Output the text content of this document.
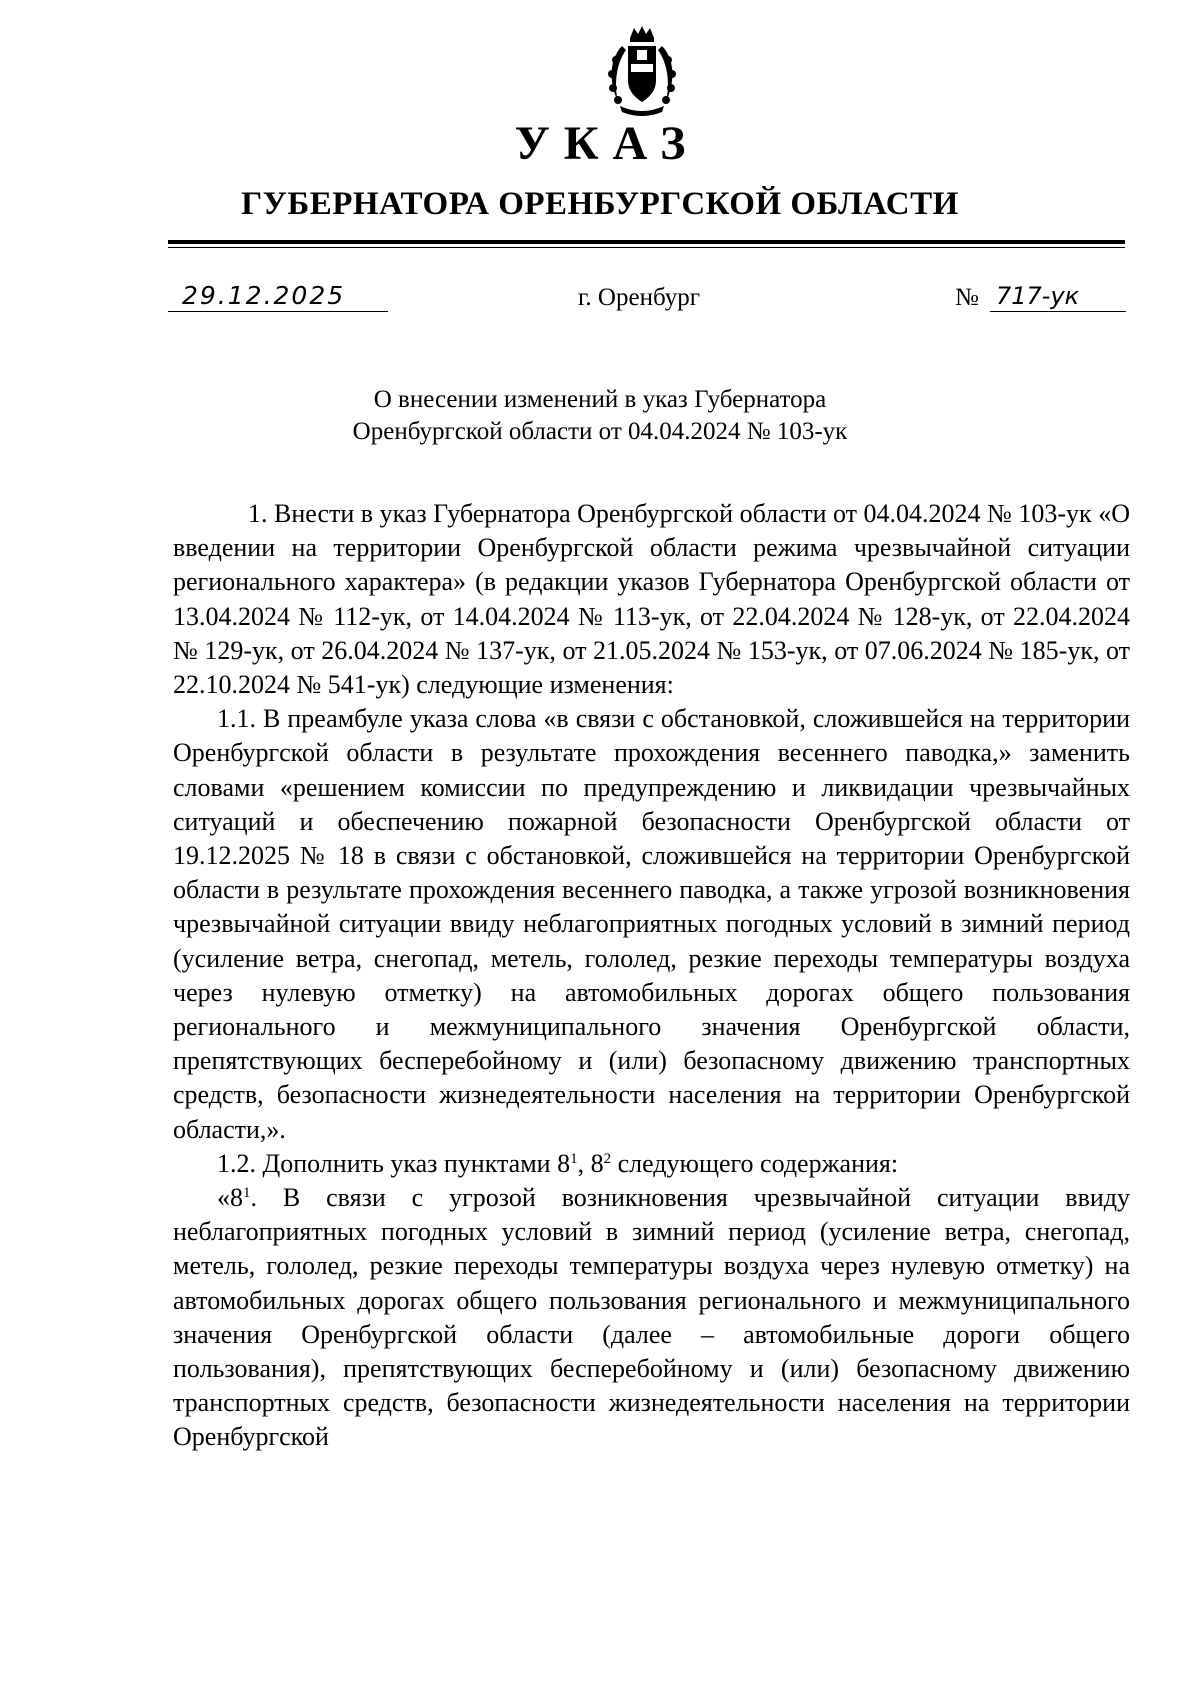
УКАЗ
ГУБЕРНАТОРА ОРЕНБУРГСКОЙ ОБЛАСТИ
29.12.2025	г. Оренбург	№ 717-ук
О внесении изменений в указ Губернатора
Оренбургской области от 04.04.2024 № 103-ук

1. Внести в указ Губернатора Оренбургской области от 04.04.2024 № 103-ук «О введении на территории Оренбургской области режима чрезвычайной ситуации регионального характера» (в редакции указов Губернатора Оренбургской области от 13.04.2024 № 112-ук, от 14.04.2024 № 113-ук, от 22.04.2024 № 128-ук, от 22.04.2024 № 129-ук, от 26.04.2024 № 137-ук, от 21.05.2024 № 153-ук, от 07.06.2024 № 185-ук, от 22.10.2024 № 541-ук) следующие изменения:

1.1. В преамбуле указа слова «в связи с обстановкой, сложившейся на территории Оренбургской области в результате прохождения весеннего паводка,» заменить словами «решением комиссии по предупреждению и ликвидации чрезвычайных ситуаций и обеспечению пожарной безопасности Оренбургской области от 19.12.2025 № 18 в связи с обстановкой, сложившейся на территории Оренбургской области в результате прохождения весеннего паводка, а также угрозой возникновения чрезвычайной ситуации ввиду неблагоприятных погодных условий в зимний период (усиление ветра, снегопад, метель, гололед, резкие переходы температуры воздуха через нулевую отметку) на автомобильных дорогах общего пользования регионального и межмуниципального значения Оренбургской области, препятствующих бесперебойному и (или) безопасному движению транспортных средств, безопасности жизнедеятельности населения на территории Оренбургской области,».

1.2. Дополнить указ пунктами $8^1$, $8^2$ следующего содержания:

«$8^1$. В связи с угрозой возникновения чрезвычайной ситуации ввиду неблагоприятных погодных условий в зимний период (усиление ветра, снегопад, метель, гололед, резкие переходы температуры воздуха через нулевую отметку) на автомобильных дорогах общего пользования регионального и межмуниципального значения Оренбургской области (далее – автомобильные дороги общего пользования), препятствующих бесперебойному и (или) безопасному движению транспортных средств, безопасности жизнедеятельности населения на территории Оренбургской
